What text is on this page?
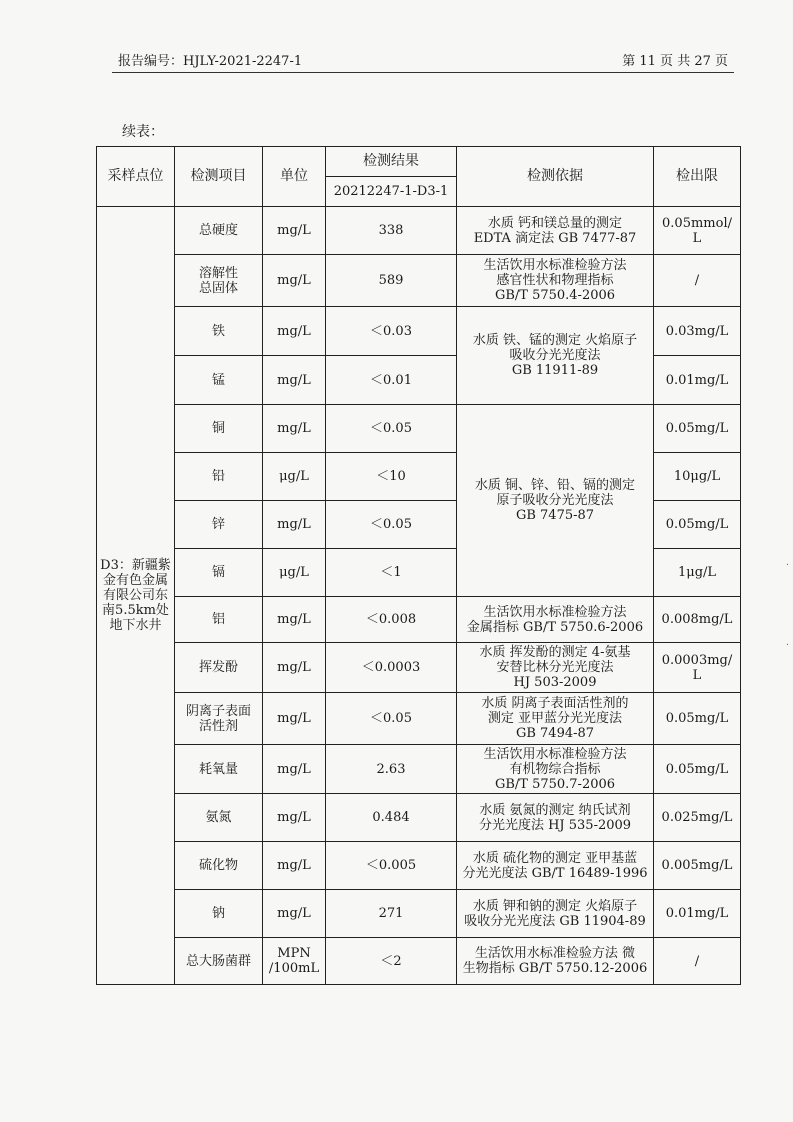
报告编号：HJLY-2021-2247-1	第 11 页 共 27 页
续表：
采样点位	检测项目	单位	检测结果	检测依据	检出限
			20212247-1-D3-1		
D3：新疆紫金有色金属有限公司东南5.5km处地下水井	总硬度	mg/L	338	水质 钙和镁总量的测定
EDTA 滴定法 GB 7477-87	0.05mmol/
L
	溶解性
总固体	mg/L	589	生活饮用水标准检验方法
感官性状和物理指标
GB/T 5750.4-2006	/
	铁	mg/L	＜0.03	水质 铁、锰的测定 火焰原子
吸收分光光度法
GB 11911-89	0.03mg/L
	锰	mg/L	＜0.01		0.01mg/L
	铜	mg/L	＜0.05	水质 铜、锌、铅、镉的测定
原子吸收分光光度法
GB 7475-87	0.05mg/L
	铅	μg/L	＜10		10μg/L
	锌	mg/L	＜0.05		0.05mg/L
	镉	μg/L	＜1		1μg/L
	铝	mg/L	＜0.008	生活饮用水标准检验方法
金属指标 GB/T 5750.6-2006	0.008mg/L
	挥发酚	mg/L	＜0.0003	水质 挥发酚的测定 4-氨基
安替比林分光光度法
HJ 503-2009	0.0003mg/
L
	阴离子表面
活性剂	mg/L	＜0.05	水质 阴离子表面活性剂的
测定 亚甲蓝分光光度法
GB 7494-87	0.05mg/L
	耗氧量	mg/L	2.63	生活饮用水标准检验方法
有机物综合指标
GB/T 5750.7-2006	0.05mg/L
	氨氮	mg/L	0.484	水质 氨氮的测定 纳氏试剂
分光光度法 HJ 535-2009	0.025mg/L
	硫化物	mg/L	＜0.005	水质 硫化物的测定 亚甲基蓝
分光光度法 GB/T 16489-1996	0.005mg/L
	钠	mg/L	271	水质 钾和钠的测定 火焰原子
吸收分光光度法 GB 11904-89	0.01mg/L
	总大肠菌群	MPN
/100mL	＜2	生活饮用水标准检验方法 微
生物指标 GB/T 5750.12-2006	/
·
·
